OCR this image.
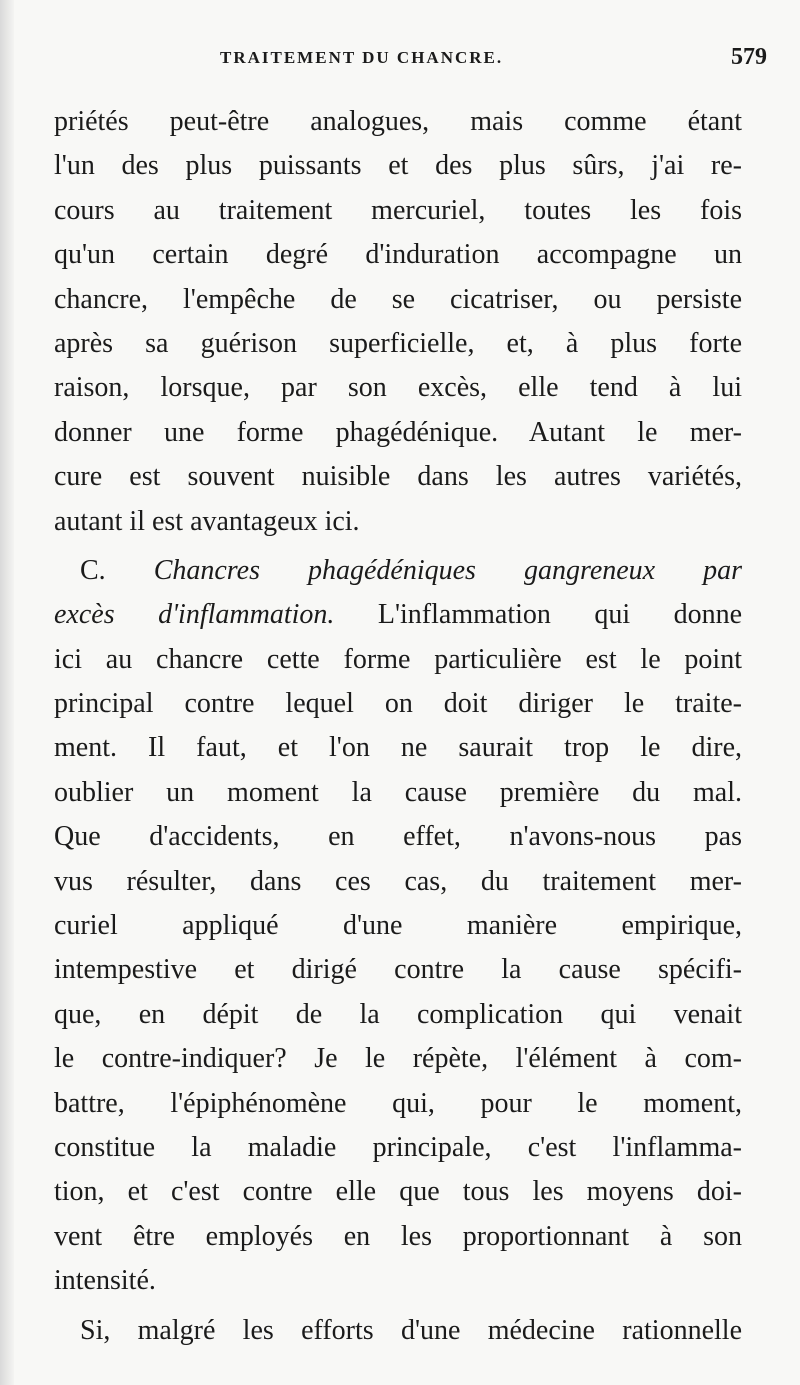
TRAITEMENT DU CHANCRE.	579
priétés peut-être analogues, mais comme étant
l'un des plus puissants et des plus sûrs, j'ai re-
cours au traitement mercuriel, toutes les fois
qu'un certain degré d'induration accompagne un
chancre, l'empêche de se cicatriser, ou persiste
après sa guérison superficielle, et, à plus forte
raison, lorsque, par son excès, elle tend à lui
donner une forme phagédénique. Autant le mer-
cure est souvent nuisible dans les autres variétés,
autant il est avantageux ici.
C. Chancres phagédéniques gangreneux par
excès d'inflammation. L'inflammation qui donne
ici au chancre cette forme particulière est le point
principal contre lequel on doit diriger le traite-
ment. Il faut, et l'on ne saurait trop le dire,
oublier un moment la cause première du mal.
Que d'accidents, en effet, n'avons-nous pas
vus résulter, dans ces cas, du traitement mer-
curiel appliqué d'une manière empirique,
intempestive et dirigé contre la cause spécifi-
que, en dépit de la complication qui venait
le contre-indiquer? Je le répète, l'élément à com-
battre, l'épiphénomène qui, pour le moment,
constitue la maladie principale, c'est l'inflamma-
tion, et c'est contre elle que tous les moyens doi-
vent être employés en les proportionnant à son
intensité.
Si, malgré les efforts d'une médecine rationnelle
